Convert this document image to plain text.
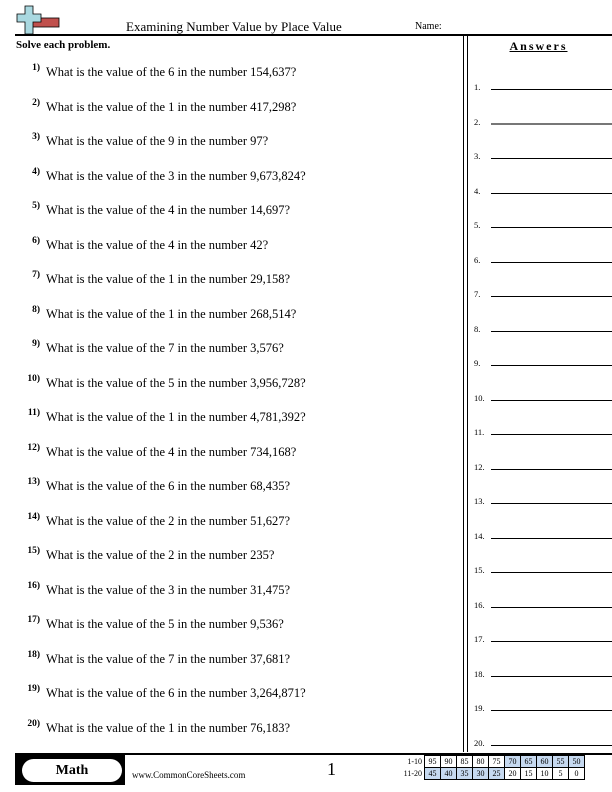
Examining Number Value by Place Value	Name:
Solve each problem.	Answers
1) What is the value of the 6 in the number 154,637?
2) What is the value of the 1 in the number 417,298?
3) What is the value of the 9 in the number 97?
4) What is the value of the 3 in the number 9,673,824?
5) What is the value of the 4 in the number 14,697?
6) What is the value of the 4 in the number 42?
7) What is the value of the 1 in the number 29,158?
8) What is the value of the 1 in the number 268,514?
9) What is the value of the 7 in the number 3,576?
10) What is the value of the 5 in the number 3,956,728?
11) What is the value of the 1 in the number 4,781,392?
12) What is the value of the 4 in the number 734,168?
13) What is the value of the 6 in the number 68,435?
14) What is the value of the 2 in the number 51,627?
15) What is the value of the 2 in the number 235?
16) What is the value of the 3 in the number 31,475?
17) What is the value of the 5 in the number 9,536?
18) What is the value of the 7 in the number 37,681?
19) What is the value of the 6 in the number 3,264,871?
20) What is the value of the 1 in the number 76,183?
1.
2.
3.
4.
5.
6.
7.
8.
9.
10.
11.
12.
13.
14.
15.
16.
17.
18.
19.
20.
Math	www.CommonCoreSheets.com	1	1-10	95	90	85	80	75	70	65	60	55	50
11-20	45	40	35	30	25	20	15	10	5	0
